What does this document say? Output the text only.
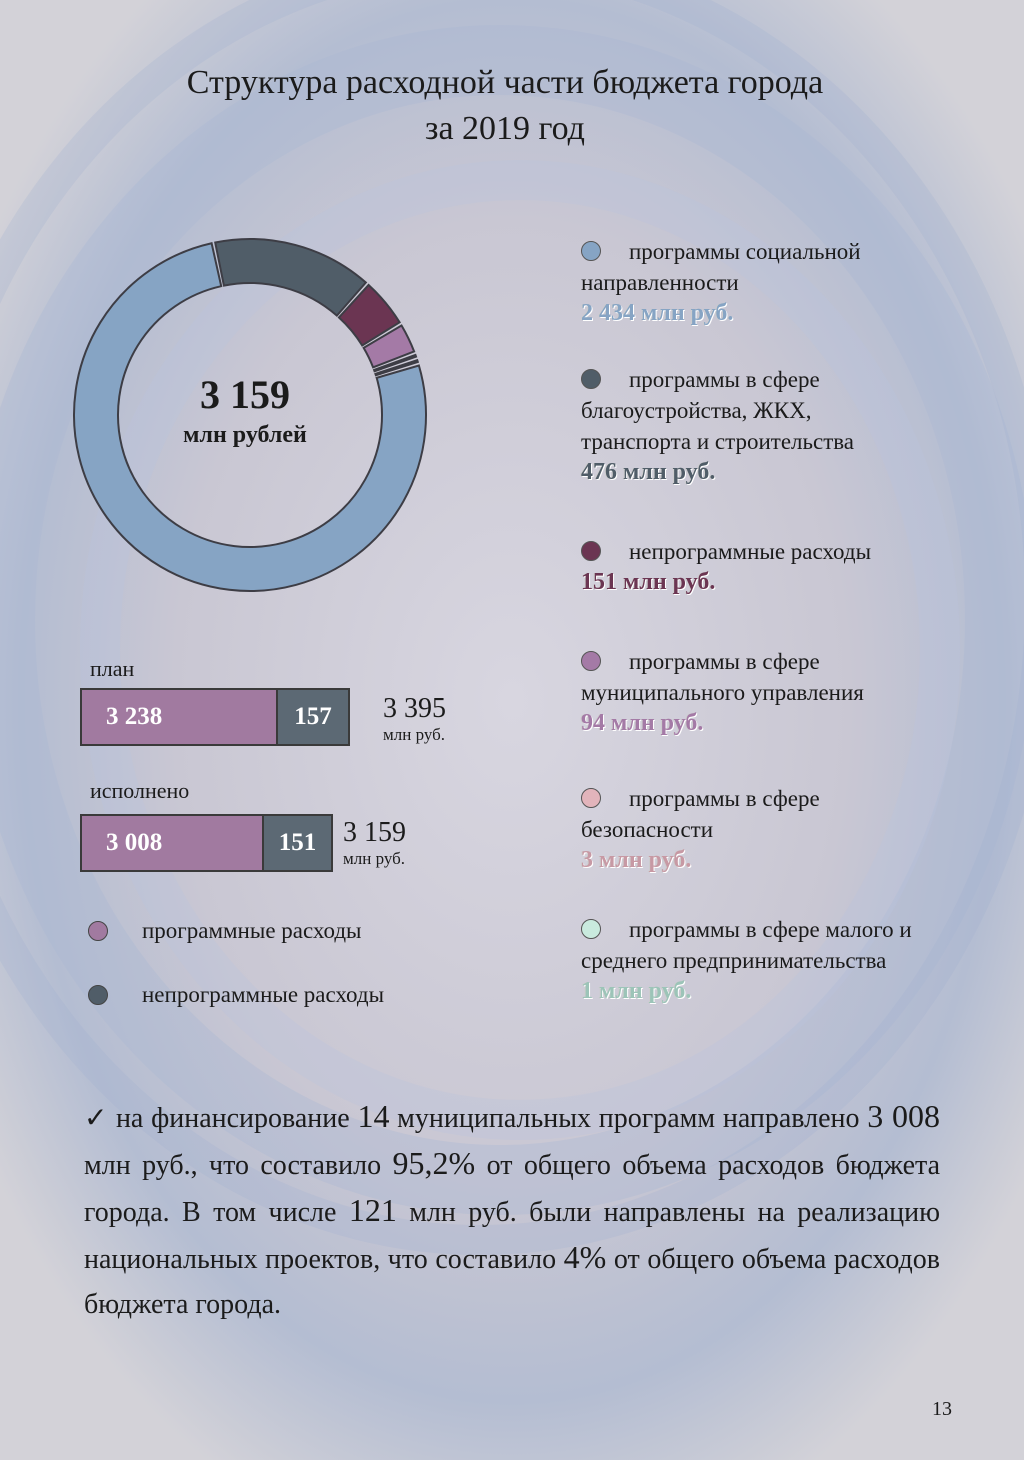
Структура расходной части бюджета города
за 2019 год
3 159
млн рублей
программы социальной
направленности
2 434 млн руб.
программы в сфере
благоустройства, ЖКХ,
транспорта и строительства
476 млн руб.
непрограммные расходы
151 млн руб.
программы в сфере
муниципального управления
94 млн руб.
программы в сфере
безопасности
3 млн руб.
программы в сфере малого и
среднего предпринимательства
1 млн руб.
план
3 238	157 3 395
млн руб.
исполнено
3 008	151 3 159
млн руб.
программные расходы
непрограммные расходы
✓ на финансирование 14 муниципальных программ направлено 3 008 млн руб., что составило 95,2% от общего объема расходов бюджета города. В том числе 121 млн руб. были направлены на реализацию национальных проектов, что составило 4% от общего объема расходов бюджета города.
13
